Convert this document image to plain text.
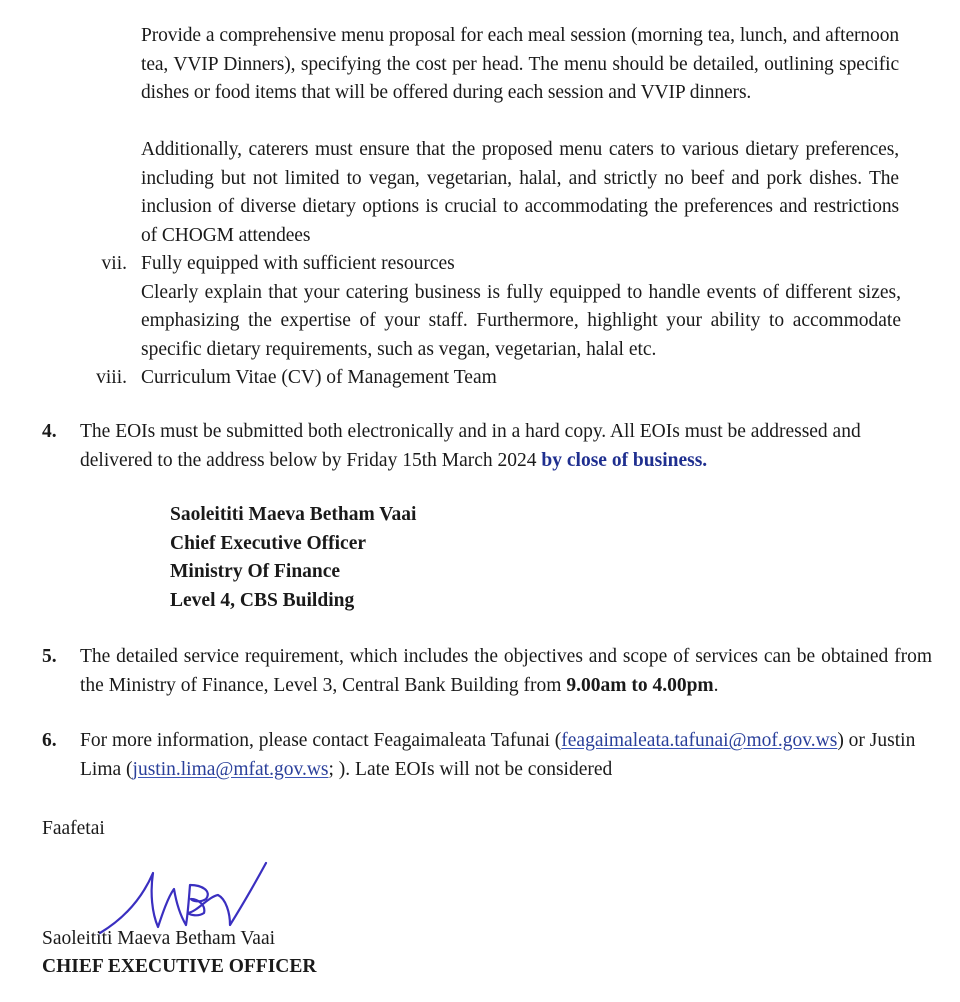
Provide a comprehensive menu proposal for each meal session (morning tea, lunch, and afternoon tea, VVIP Dinners), specifying the cost per head. The menu should be detailed, outlining specific dishes or food items that will be offered during each session and VVIP dinners.

Additionally, caterers must ensure that the proposed menu caters to various dietary preferences, including but not limited to vegan, vegetarian, halal, and strictly no beef and pork dishes. The inclusion of diverse dietary options is crucial to accommodating the preferences and restrictions of CHOGM attendees

vii. Fully equipped with sufficient resources
Clearly explain that your catering business is fully equipped to handle events of different sizes, emphasizing the expertise of your staff. Furthermore, highlight your ability to accommodate specific dietary requirements, such as vegan, vegetarian, halal etc.
viii. Curriculum Vitae (CV) of Management Team
4. The EOIs must be submitted both electronically and in a hard copy. All EOIs must be addressed and delivered to the address below by Friday 15th March 2024 by close of business.
Saoleititi Maeva Betham Vaai
Chief Executive Officer
Ministry Of Finance
Level 4, CBS Building
5. The detailed service requirement, which includes the objectives and scope of services can be obtained from the Ministry of Finance, Level 3, Central Bank Building from 9.00am to 4.00pm.
6. For more information, please contact Feagaimaleata Tafunai (feagaimaleata.tafunai@mof.gov.ws) or Justin Lima (justin.lima@mfat.gov.ws; ). Late EOIs will not be considered
Faafetai
Saoleititi Maeva Betham Vaai
CHIEF EXECUTIVE OFFICER
